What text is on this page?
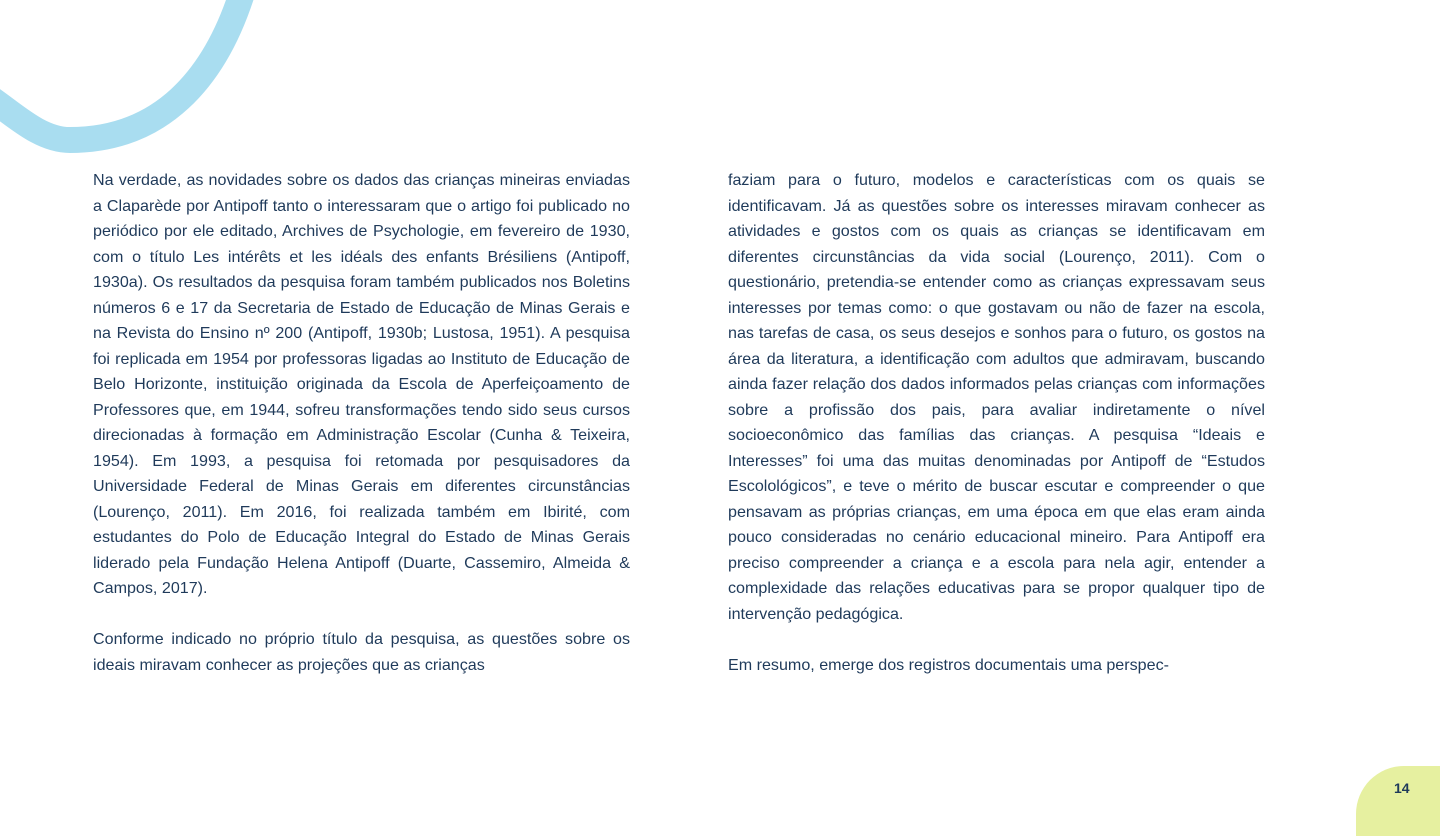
Na verdade, as novidades sobre os dados das crianças mineiras enviadas a Claparède por Antipoff tanto o interessaram que o artigo foi publicado no periódico por ele editado, Archives de Psychologie, em fevereiro de 1930, com o título Les intérêts et les idéals des enfants Brésiliens (Antipoff, 1930a). Os resultados da pesquisa foram também publicados nos Boletins números 6 e 17 da Secretaria de Estado de Educação de Minas Gerais e na Revista do Ensino nº 200 (Antipoff, 1930b; Lustosa, 1951). A pesquisa foi replicada em 1954 por professoras ligadas ao Instituto de Educação de Belo Horizonte, instituição originada da Escola de Aperfeiçoamento de Professores que, em 1944, sofreu transformações tendo sido seus cursos direcionadas à formação em Administração Escolar (Cunha & Teixeira, 1954). Em 1993, a pesquisa foi retomada por pesquisadores da Universidade Federal de Minas Gerais em diferentes circunstâncias (Lourenço, 2011). Em 2016, foi realizada também em Ibirité, com estudantes do Polo de Educação Integral do Estado de Minas Gerais liderado pela Fundação Helena Antipoff (Duarte, Cassemiro, Almeida & Campos, 2017).

Conforme indicado no próprio título da pesquisa, as questões sobre os ideais miravam conhecer as projeções que as crianças

faziam para o futuro, modelos e características com os quais se identificavam. Já as questões sobre os interesses miravam conhecer as atividades e gostos com os quais as crianças se identificavam em diferentes circunstâncias da vida social (Lourenço, 2011). Com o questionário, pretendia-se entender como as crianças expressavam seus interesses por temas como: o que gostavam ou não de fazer na escola, nas tarefas de casa, os seus desejos e sonhos para o futuro, os gostos na área da literatura, a identificação com adultos que admiravam, buscando ainda fazer relação dos dados informados pelas crianças com informações sobre a profissão dos pais, para avaliar indiretamente o nível socioeconômico das famílias das crianças. A pesquisa “Ideais e Interesses” foi uma das muitas denominadas por Antipoff de “Estudos Escolológicos”, e teve o mérito de buscar escutar e compreender o que pensavam as próprias crianças, em uma época em que elas eram ainda pouco consideradas no cenário educacional mineiro. Para Antipoff era preciso compreender a criança e a escola para nela agir, entender a complexidade das relações educativas para se propor qualquer tipo de intervenção pedagógica.

Em resumo, emerge dos registros documentais uma perspec-

14
